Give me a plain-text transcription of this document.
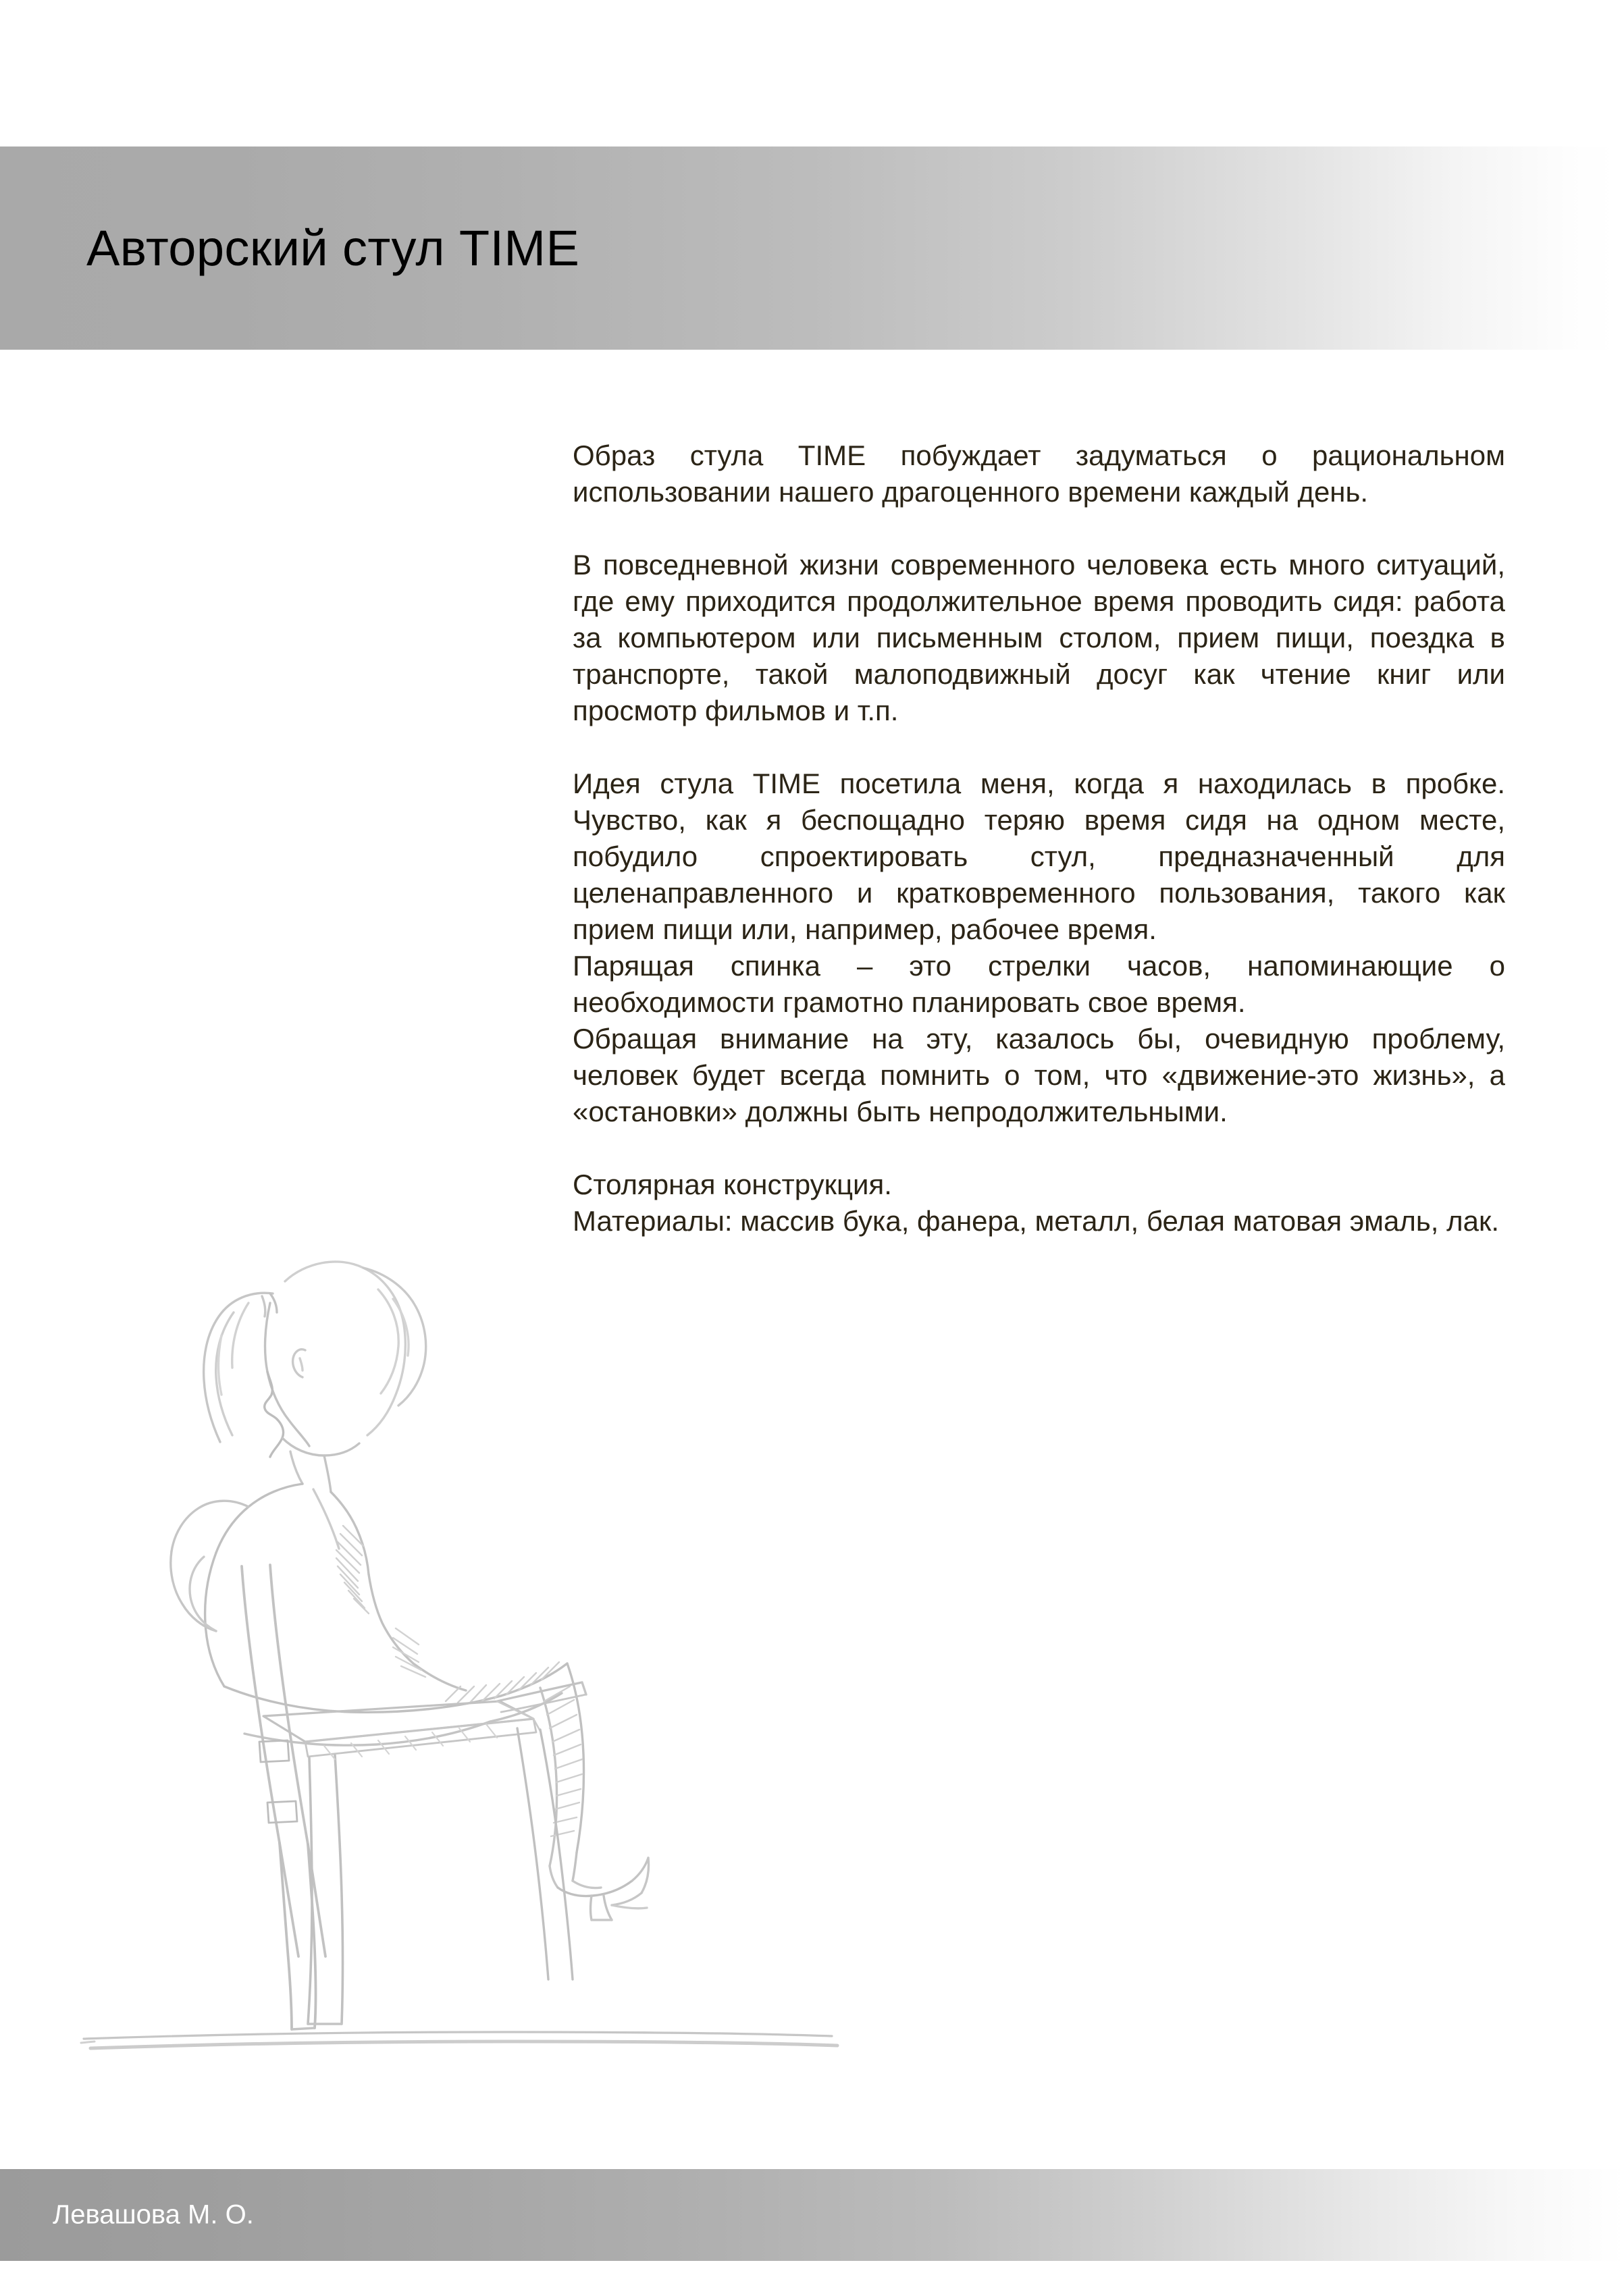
Авторский стул TIME

Образ стула TIME побуждает задуматься о рациональном использовании нашего драгоценного времени каждый день.

В повседневной жизни современного человека есть много ситуаций, где ему приходится продолжительное время проводить сидя: работа за компьютером или письменным столом, прием пищи, поездка в транспорте, такой малоподвижный досуг как чтение книг или просмотр фильмов и т.п.

Идея стула TIME посетила меня, когда я находилась в пробке. Чувство, как я беспощадно теряю время сидя на одном месте, побудило спроектировать стул, предназначенный для целенаправленного и кратковременного пользования, такого как прием пищи или, например, рабочее время.

Парящая спинка – это стрелки часов, напоминающие о необходимости грамотно планировать свое время.

Обращая внимание на эту, казалось бы, очевидную проблему, человек будет всегда помнить о том, что «движение-это жизнь», а «остановки» должны быть непродолжительными.

Столярная конструкция.

Материалы: массив бука, фанера, металл, белая матовая эмаль, лак.

Левашова М. О.
